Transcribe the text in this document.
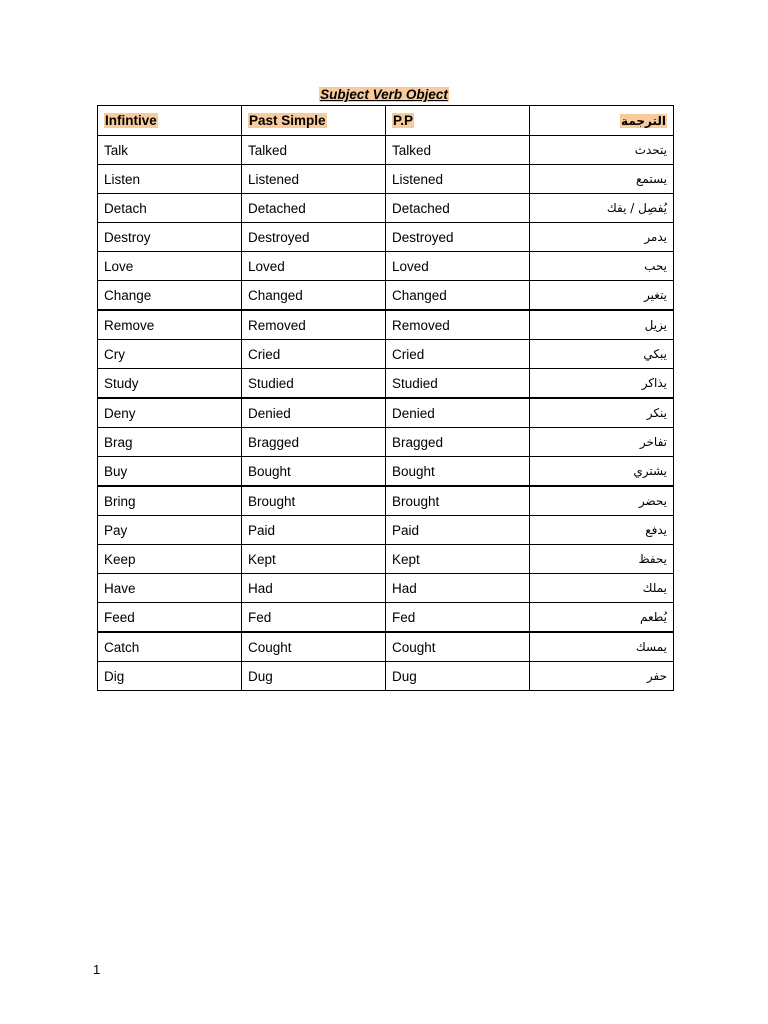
Subject Verb Object
Infintive	Past Simple	P.P	الترجمة
Talk	Talked	Talked	يتحدث
Listen	Listened	Listened	يستمع
Detach	Detached	Detached	يُفصِل / يفك
Destroy	Destroyed	Destroyed	يدمر
Love	Loved	Loved	يحب
Change	Changed	Changed	يتغير
Remove	Removed	Removed	يزيل
Cry	Cried	Cried	يبكي
Study	Studied	Studied	يذاكر
Deny	Denied	Denied	ينكر
Brag	Bragged	Bragged	تفاخر
Buy	Bought	Bought	يشتري
Bring	Brought	Brought	يحضر
Pay	Paid	Paid	يدفع
Keep	Kept	Kept	يحفظ
Have	Had	Had	يملك
Feed	Fed	Fed	يُطعم
Catch	Cought	Cought	يمسك
Dig	Dug	Dug	حفر
1
